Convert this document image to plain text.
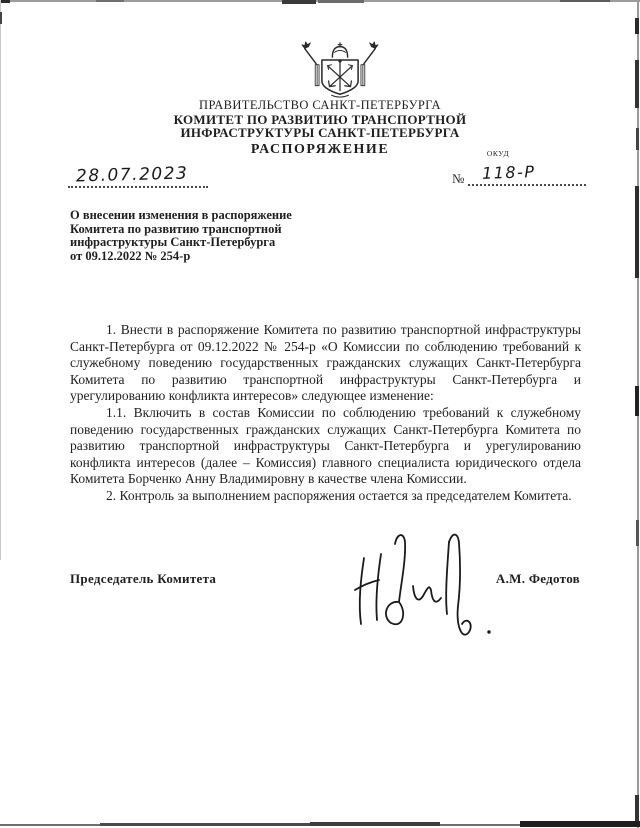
ПРАВИТЕЛЬСТВО САНКТ-ПЕТЕРБУРГА
КОМИТЕТ ПО РАЗВИТИЮ ТРАНСПОРТНОЙ
ИНФРАСТРУКТУРЫ САНКТ-ПЕТЕРБУРГА
РАСПОРЯЖЕНИЕ	ОКУД
28.07.2023	№ 118-Р
О внесении изменения в распоряжение
Комитета по развитию транспортной
инфраструктуры Санкт-Петербурга
от 09.12.2022 № 254-р

1. Внести в распоряжение Комитета по развитию транспортной инфраструктуры Санкт-Петербурга от 09.12.2022 № 254-р «О Комиссии по соблюдению требований к служебному поведению государственных гражданских служащих Санкт-Петербурга Комитета по развитию транспортной инфраструктуры Санкт-Петербурга и урегулированию конфликта интересов» следующее изменение:

1.1. Включить в состав Комиссии по соблюдению требований к служебному поведению государственных гражданских служащих Санкт-Петербурга Комитета по развитию транспортной инфраструктуры Санкт-Петербурга и урегулированию конфликта интересов (далее – Комиссия) главного специалиста юридического отдела Комитета Борченко Анну Владимировну в качестве члена Комиссии.

2. Контроль за выполнением распоряжения остается за председателем Комитета.

Председатель Комитета	А.М. Федотов
